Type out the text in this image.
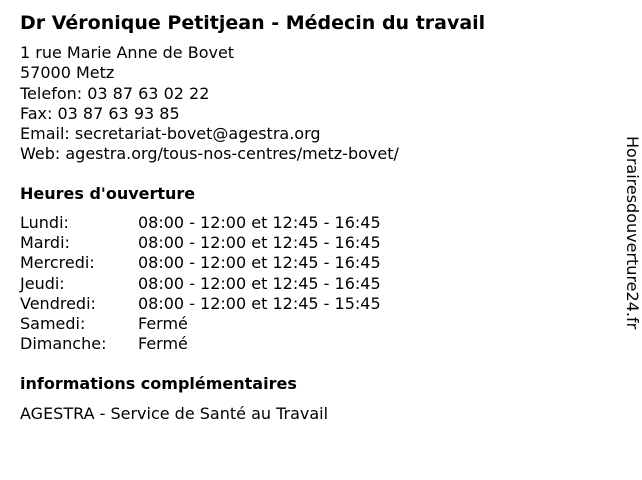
Dr Véronique Petitjean - Médecin du travail
1 rue Marie Anne de Bovet
57000 Metz
Telefon: 03 87 63 02 22
Fax: 03 87 63 93 85
Email: secretariat-bovet@agestra.org
Web: agestra.org/tous-nos-centres/metz-bovet/
Heures d'ouverture
Lundi:	08:00 - 12:00 et 12:45 - 16:45
Mardi:	08:00 - 12:00 et 12:45 - 16:45
Mercredi:	08:00 - 12:00 et 12:45 - 16:45
Jeudi:	08:00 - 12:00 et 12:45 - 16:45
Vendredi:	08:00 - 12:00 et 12:45 - 15:45
Samedi:	Fermé
Dimanche: Fermé
informations complémentaires
AGESTRA - Service de Santé au Travail
Horairesdouverture24.fr
